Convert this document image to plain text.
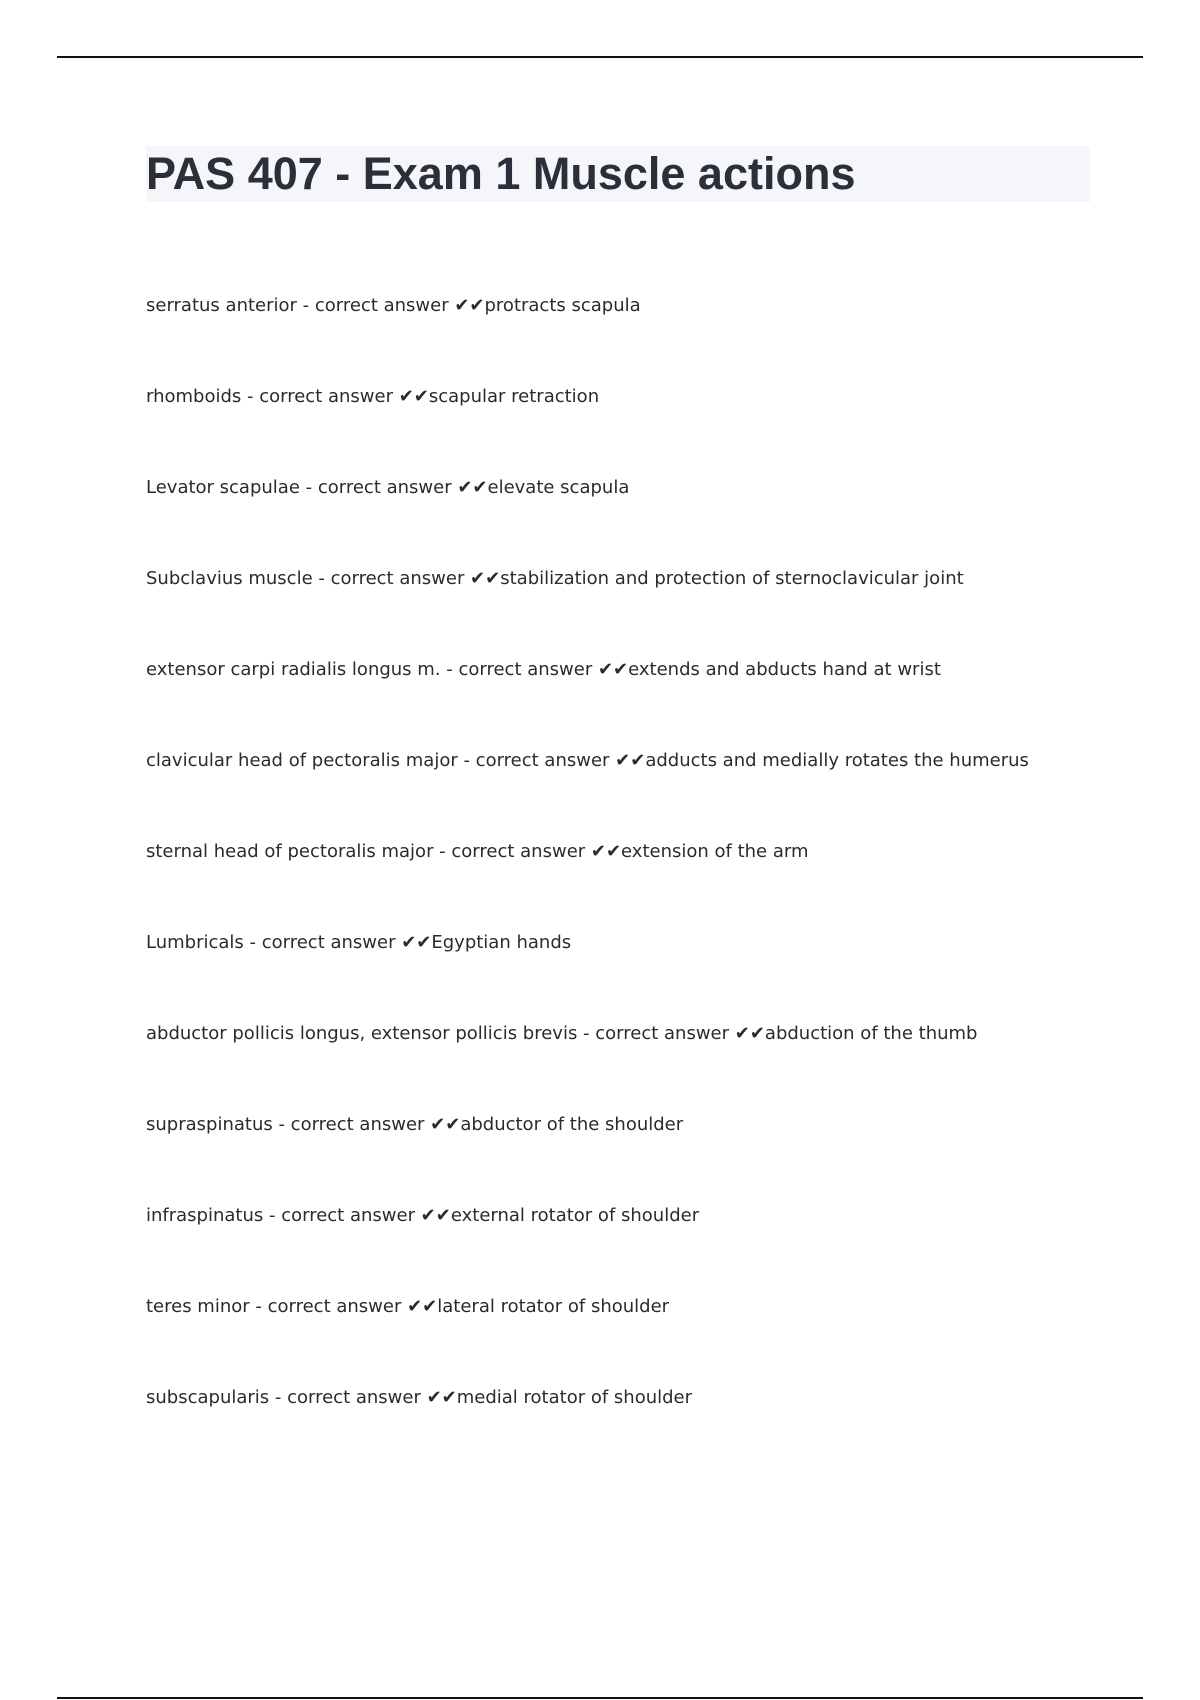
PAS 407 - Exam 1 Muscle actions
serratus anterior - correct answer ✔✔protracts scapula
rhomboids - correct answer ✔✔scapular retraction
Levator scapulae - correct answer ✔✔elevate scapula
Subclavius muscle - correct answer ✔✔stabilization and protection of sternoclavicular joint
extensor carpi radialis longus m. - correct answer ✔✔extends and abducts hand at wrist
clavicular head of pectoralis major - correct answer ✔✔adducts and medially rotates the humerus
sternal head of pectoralis major - correct answer ✔✔extension of the arm
Lumbricals - correct answer ✔✔Egyptian hands
abductor pollicis longus, extensor pollicis brevis - correct answer ✔✔abduction of the thumb
supraspinatus - correct answer ✔✔abductor of the shoulder
infraspinatus - correct answer ✔✔external rotator of shoulder
teres minor - correct answer ✔✔lateral rotator of shoulder
subscapularis - correct answer ✔✔medial rotator of shoulder
